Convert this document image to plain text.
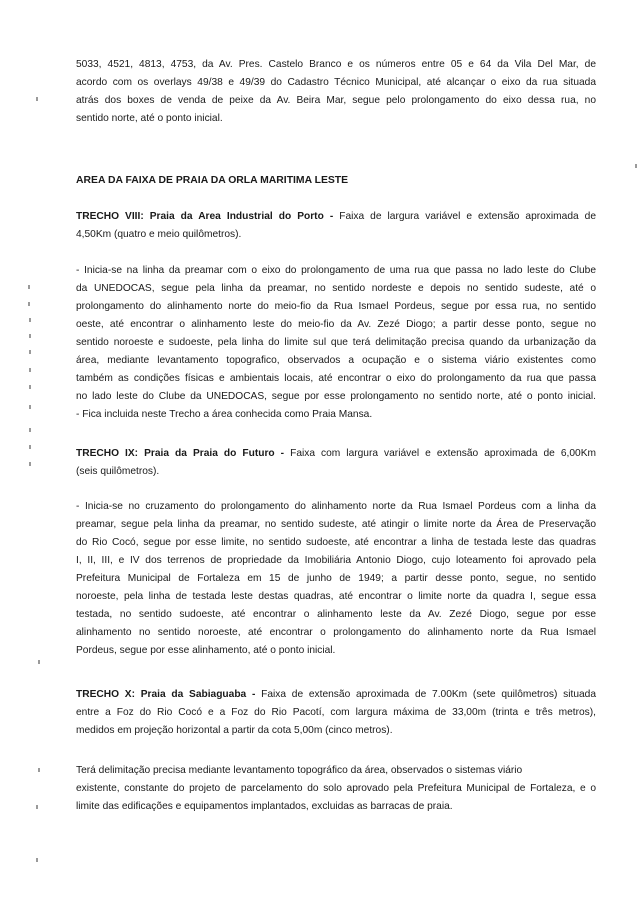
5033, 4521, 4813, 4753, da Av. Pres. Castelo Branco e os números entre 05 e 64 da Vila Del Mar, de
acordo com os overlays 49/38 e 49/39 do Cadastro Técnico Municipal, até alcançar o eixo da rua situada
atrás dos boxes de venda de peixe da Av. Beira Mar, segue pelo prolongamento do eixo dessa rua, no
sentido norte, até o ponto inicial.
AREA DA FAIXA DE PRAIA DA ORLA MARITIMA LESTE
TRECHO VIII: Praia da Area Industrial do Porto - Faixa de largura variável e extensão aproximada de
4,50Km (quatro e meio quilômetros).
- Inicia-se na linha da preamar com o eixo do prolongamento de uma rua que passa no lado leste do Clube
da UNEDOCAS, segue pela linha da preamar, no sentido nordeste e depois no sentido sudeste, até o
prolongamento do alinhamento norte do meio-fio da Rua Ismael Pordeus, segue por essa rua, no sentido
oeste, até encontrar o alinhamento leste do meio-fio da Av. Zezé Diogo; a partir desse ponto, segue no
sentido noroeste e sudoeste, pela linha do limite sul que terá delimitação precisa quando da urbanização da
área, mediante levantamento topografico, observados a ocupação e o sistema viário existentes como
também as condições físicas e ambientais locais, até encontrar o eixo do prolongamento da rua que passa
no lado leste do Clube da UNEDOCAS, segue por esse prolongamento no sentido norte, até o ponto inicial.
- Fica incluida neste Trecho a área conhecida como Praia Mansa.
TRECHO IX: Praia da Praia do Futuro - Faixa com largura variável e extensão aproximada de 6,00Km
(seis quilômetros).
- Inicia-se no cruzamento do prolongamento do alinhamento norte da Rua Ismael Pordeus com a linha da
preamar, segue pela linha da preamar, no sentido sudeste, até atingir o limite norte da Área de Preservação
do Rio Cocó, segue por esse limite, no sentido sudoeste, até encontrar a linha de testada leste das quadras
I, II, III, e IV dos terrenos de propriedade da Imobiliária Antonio Diogo, cujo loteamento foi aprovado pela
Prefeitura Municipal de Fortaleza em 15 de junho de 1949; a partir desse ponto, segue, no sentido
noroeste, pela linha de testada leste destas quadras, até encontrar o limite norte da quadra I, segue essa
testada, no sentido sudoeste, até encontrar o alinhamento leste da Av. Zezé Diogo, segue por esse
alinhamento no sentido noroeste, até encontrar o prolongamento do alinhamento norte da Rua Ismael
Pordeus, segue por esse alinhamento, até o ponto inicial.
TRECHO X: Praia da Sabiaguaba - Faixa de extensão aproximada de 7.00Km (sete quilômetros) situada
entre a Foz do Rio Cocó e a Foz do Rio Pacotí, com largura máxima de 33,00m (trinta e três metros),
medidos em projeção horizontal a partir da cota 5,00m (cinco metros).
Terá delimitação precisa mediante levantamento topográfico da área, observados o sistemas viário
existente, constante do projeto de parcelamento do solo aprovado pela Prefeitura Municipal de Fortaleza, e o
limite das edificações e equipamentos implantados, excluidas as barracas de praia.
